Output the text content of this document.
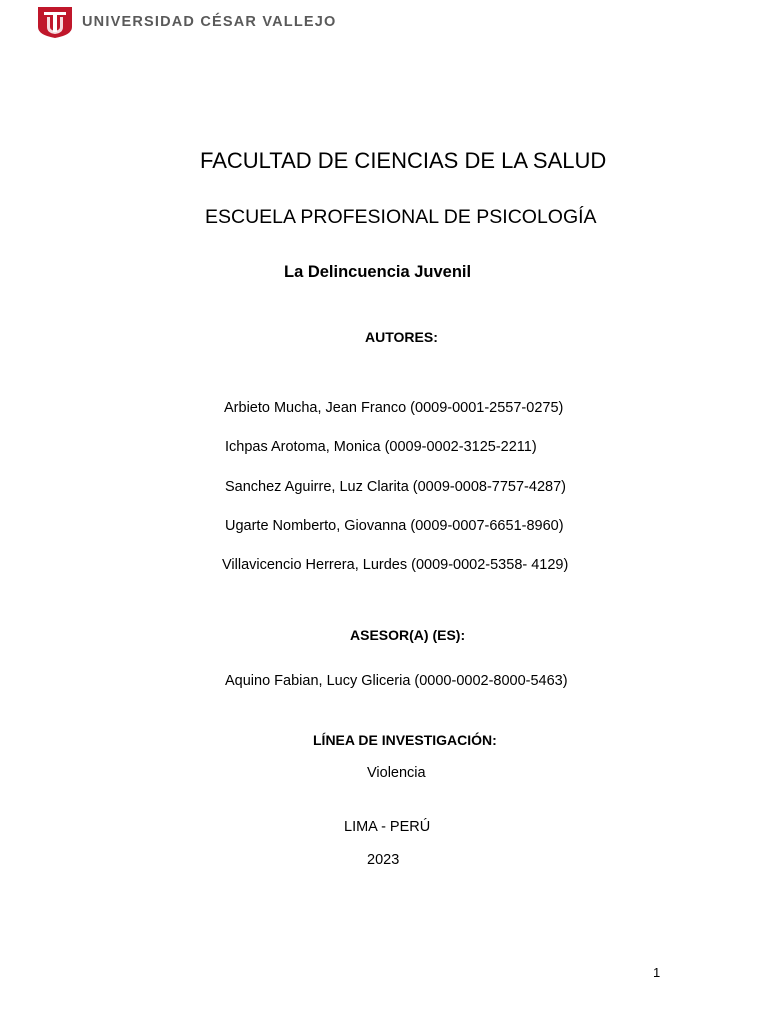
UNIVERSIDAD CÉSAR VALLEJO
FACULTAD DE CIENCIAS DE LA SALUD
ESCUELA PROFESIONAL DE PSICOLOGÍA
La Delincuencia Juvenil
AUTORES:
Arbieto Mucha, Jean Franco (0009-0001-2557-0275)
Ichpas Arotoma, Monica (0009-0002-3125-2211)
Sanchez Aguirre, Luz Clarita (0009-0008-7757-4287)
Ugarte Nomberto, Giovanna (0009-0007-6651-8960)
Villavicencio Herrera, Lurdes (0009-0002-5358- 4129)
ASESOR(A) (ES):
Aquino Fabian, Lucy Gliceria (0000-0002-8000-5463)
LÍNEA DE INVESTIGACIÓN:
Violencia
LIMA - PERÚ
2023
1
